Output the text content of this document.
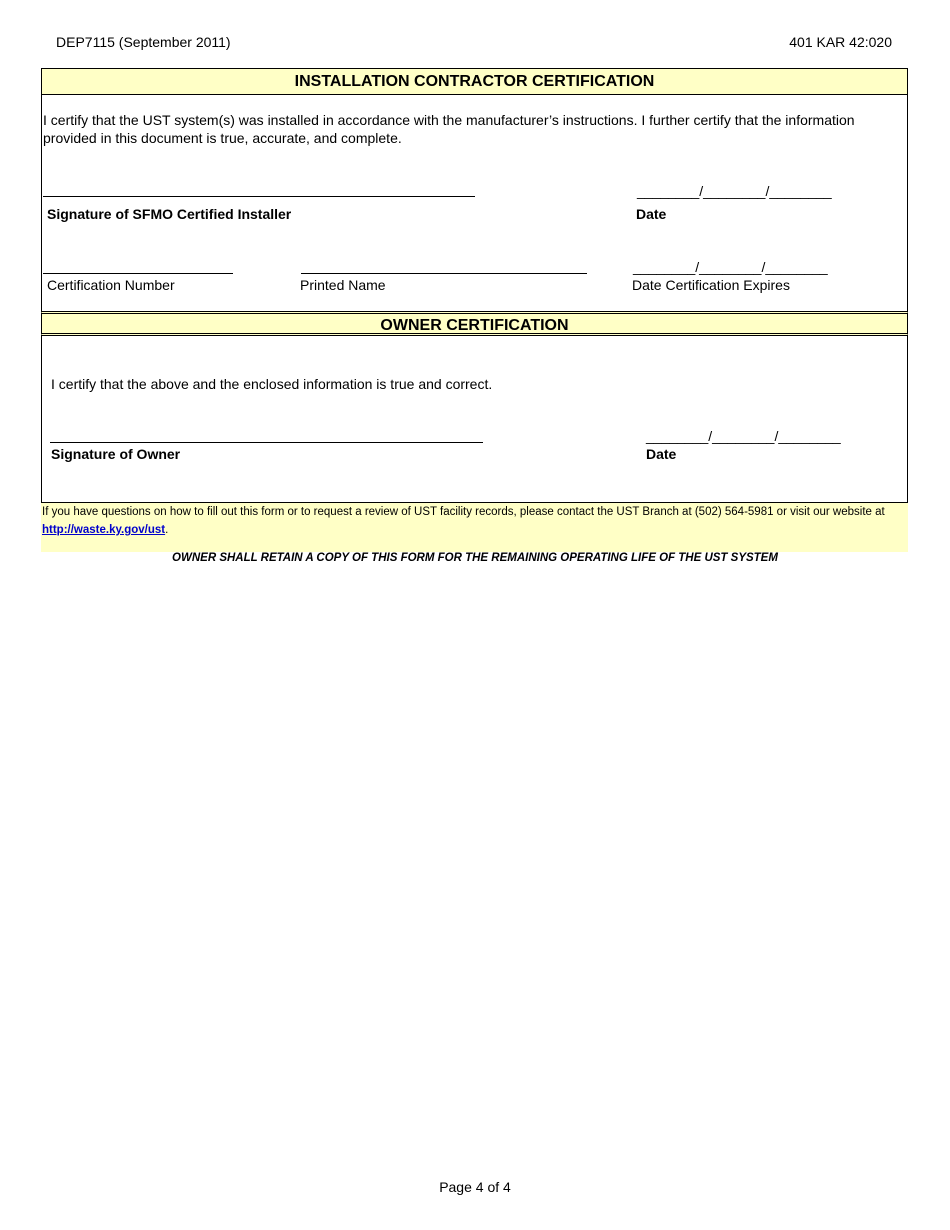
DEP7115 (September 2011)	401 KAR 42:020
INSTALLATION CONTRACTOR CERTIFICATION
I certify that the UST system(s) was installed in accordance with the manufacturer’s instructions. I further certify that the information provided in this document is true, accurate, and complete.
________/________/________
Signature of SFMO Certified Installer	Date
________/________/________
Certification Number	Printed Name	Date Certification Expires
OWNER CERTIFICATION
I certify that the above and the enclosed information is true and correct.
________/________/________
Signature of Owner	Date
If you have questions on how to fill out this form or to request a review of UST facility records, please contact the UST Branch at (502) 564-5981 or visit our website at http://waste.ky.gov/ust.
OWNER SHALL RETAIN A COPY OF THIS FORM FOR THE REMAINING OPERATING LIFE OF THE UST SYSTEM
Page 4 of 4
